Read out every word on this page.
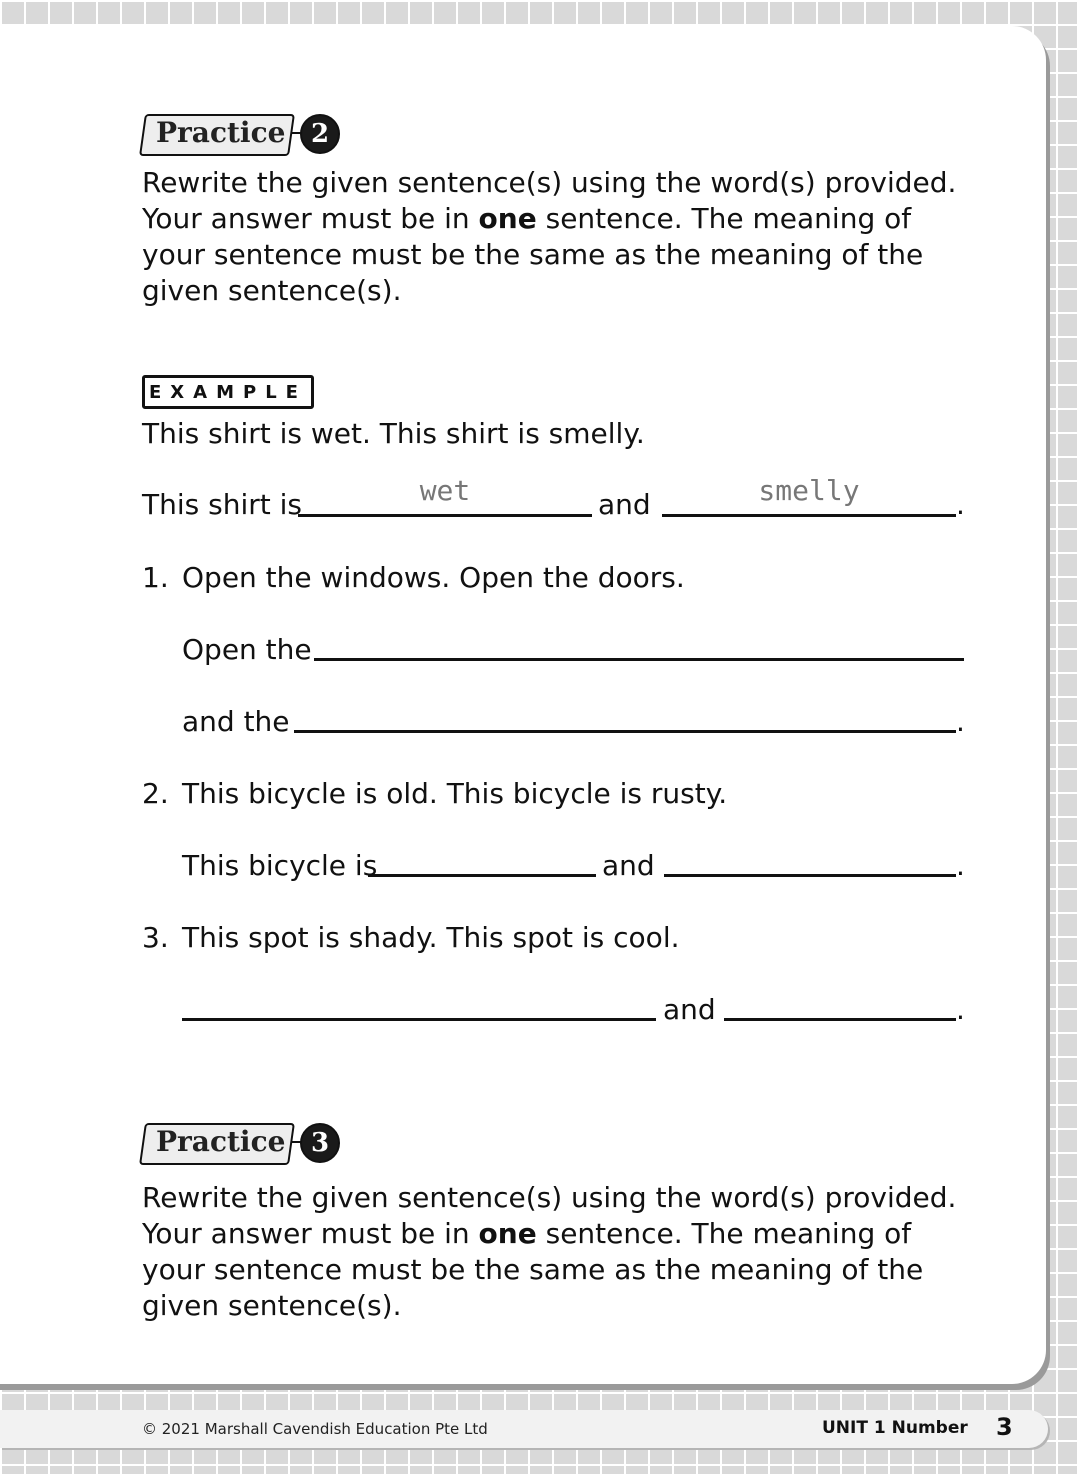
Practice 2
Rewrite the given sentence(s) using the word(s) provided. Your answer must be in one sentence. The meaning of your sentence must be the same as the meaning of the given sentence(s).
EXAMPLE
This shirt is wet. This shirt is smelly.
This shirt is	wet	and	smelly	.
1. Open the windows. Open the doors.
Open the
and the	.
2. This bicycle is old. This bicycle is rusty.
This bicycle is	and	.
3. This spot is shady. This spot is cool.
and	.
Practice 3
Rewrite the given sentence(s) using the word(s) provided. Your answer must be in one sentence. The meaning of your sentence must be the same as the meaning of the given sentence(s).
© 2021 Marshall Cavendish Education Pte Ltd	UNIT 1 Number 3
